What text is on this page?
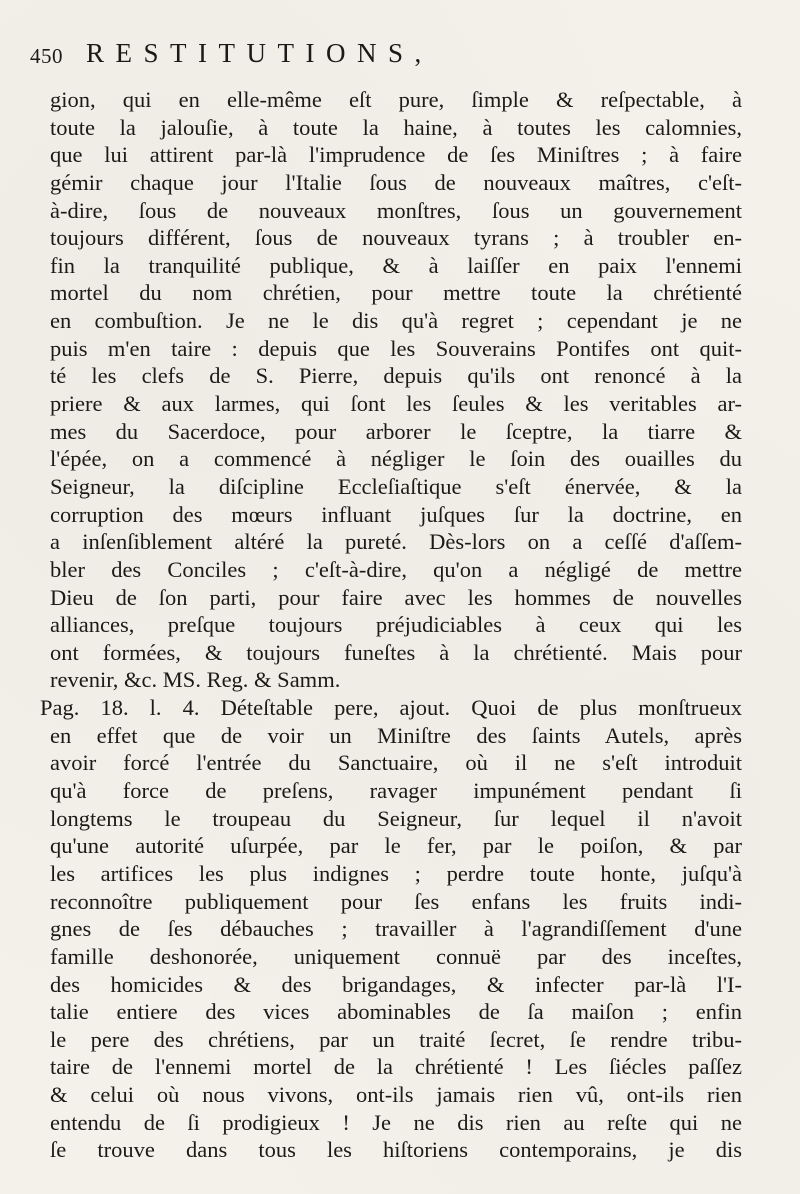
450 RESTITUTIONS,
gion, qui en elle-même eſt pure, ſimple & reſpectable, à
toute la jalouſie, à toute la haine, à toutes les calomnies,
que lui attirent par-là l'imprudence de ſes Miniſtres ; à faire
gémir chaque jour l'Italie ſous de nouveaux maîtres, c'eſt-
à-dire, ſous de nouveaux monſtres, ſous un gouvernement
toujours différent, ſous de nouveaux tyrans ; à troubler en-
fin la tranquilité publique, & à laiſſer en paix l'ennemi
mortel du nom chrétien, pour mettre toute la chrétienté
en combuſtion. Je ne le dis qu'à regret ; cependant je ne
puis m'en taire : depuis que les Souverains Pontifes ont quit-
té les clefs de S. Pierre, depuis qu'ils ont renoncé à la
priere & aux larmes, qui ſont les ſeules & les veritables ar-
mes du Sacerdoce, pour arborer le ſceptre, la tiarre &
l'épée, on a commencé à négliger le ſoin des ouailles du
Seigneur, la diſcipline Eccleſiaſtique s'eſt énervée, & la
corruption des mœurs influant juſques ſur la doctrine, en
a inſenſiblement altéré la pureté. Dès-lors on a ceſſé d'aſſem-
bler des Conciles ; c'eſt-à-dire, qu'on a négligé de mettre
Dieu de ſon parti, pour faire avec les hommes de nouvelles
alliances, preſque toujours préjudiciables à ceux qui les
ont formées, & toujours funeſtes à la chrétienté. Mais pour
revenir, &c. MS. Reg. & Samm.
Pag. 18. l. 4. Déteſtable pere, ajout. Quoi de plus monſtrueux
en effet que de voir un Miniſtre des ſaints Autels, après
avoir forcé l'entrée du Sanctuaire, où il ne s'eſt introduit
qu'à force de preſens, ravager impunément pendant ſi
longtems le troupeau du Seigneur, ſur lequel il n'avoit
qu'une autorité uſurpée, par le fer, par le poiſon, & par
les artifices les plus indignes ; perdre toute honte, juſqu'à
reconnoître publiquement pour ſes enfans les fruits indi-
gnes de ſes débauches ; travailler à l'agrandiſſement d'une
famille deshonorée, uniquement connuë par des inceſtes,
des homicides & des brigandages, & infecter par-là l'I-
talie entiere des vices abominables de ſa maiſon ; enfin
le pere des chrétiens, par un traité ſecret, ſe rendre tribu-
taire de l'ennemi mortel de la chrétienté ! Les ſiécles paſſez
& celui où nous vivons, ont-ils jamais rien vû, ont-ils rien
entendu de ſi prodigieux ! Je ne dis rien au reſte qui ne
ſe trouve dans tous les hiſtoriens contemporains, je dis
